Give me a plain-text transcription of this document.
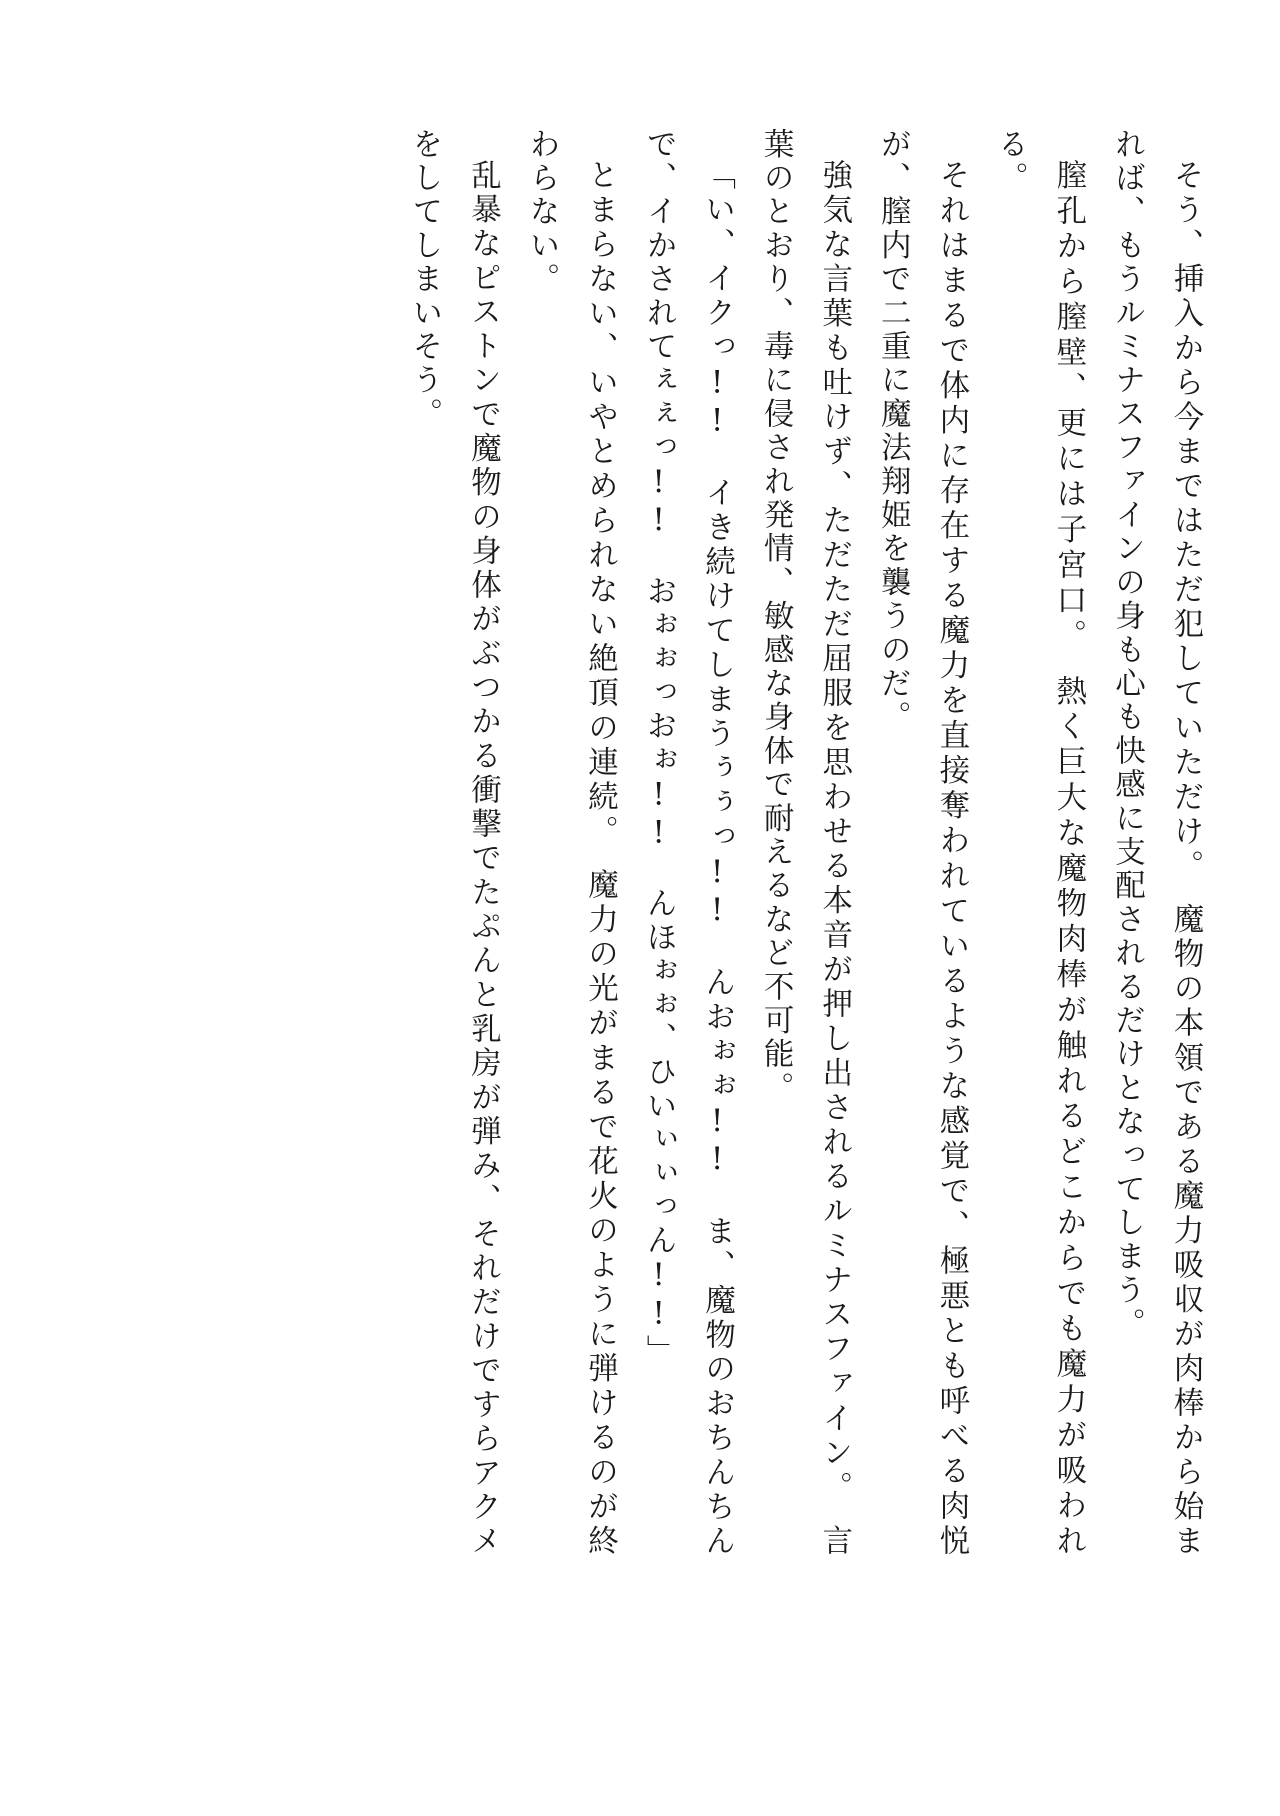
そう、挿入から今まではただ犯していただけ。　魔物の本領である魔力吸収が肉棒から始まれば、もうルミナスファインの身も心も快感に支配されるだけとなってしまう。

膣孔から膣壁、更には子宮口。　熱く巨大な魔物肉棒が触れるどこからでも魔力が吸われる。

それはまるで体内に存在する魔力を直接奪われているような感覚で、極悪とも呼べる肉悦が、膣内で二重に魔法翔姫を襲うのだ。

強気な言葉も吐けず、ただただ屈服を思わせる本音が押し出されるルミナスファイン。　言葉のとおり、毒に侵され発情、敏感な身体で耐えるなど不可能。

「い、イクっ!!　イき続けてしまうぅぅっ!!　んおぉぉ!!　ま、魔物のおちんちんで、イかされてぇぇっ!!　おぉぉっおぉ!!　んほぉぉ、ひいぃぃっん!!」

とまらない、いやとめられない絶頂の連続。　魔力の光がまるで花火のように弾けるのが終わらない。

乱暴なピストンで魔物の身体がぶつかる衝撃でたぷんと乳房が弾み、それだけですらアクメをしてしまいそう。
